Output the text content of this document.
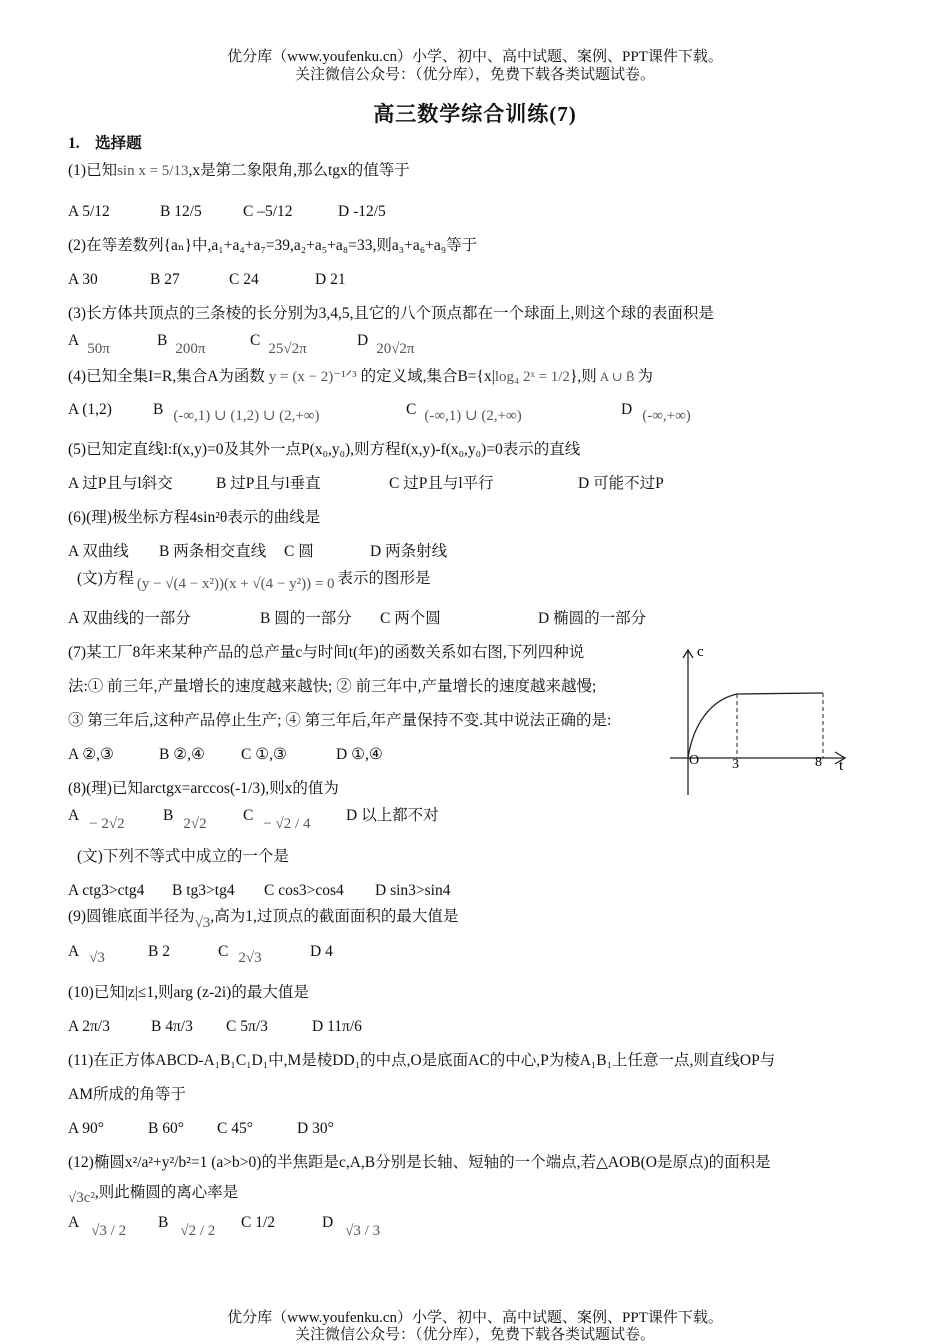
优分库（www.youfenku.cn）小学、初中、高中试题、案例、PPT课件下载。
关注微信公众号：（优分库），免费下载各类试题试卷。
高三数学综合训练(7)
1.　选择题
(1)已知sin x = 5/13,x是第二象限角,那么tgx的值等于
A 5/12	B 12/5	C –5/12	D -12/5
(2)在等差数列{aₙ}中,a₁+a₄+a₇=39,a₂+a₅+a₈=33,则a₃+a₆+a₉等于
A 30	B 27	C 24	D 21
(3)长方体共顶点的三条棱的长分别为3,4,5,且它的八个顶点都在一个球面上,则这个球的表面积是
A 50π	B 200π	C 25√2π	D 20√2π
(4)已知全集I=R,集合A为函数 y = (x − 2)⁻¹ᐟ³ 的定义域,集合B={x|log₄ 2ˣ = 1/2},则 A ∪ B̄ 为
A (1,2)	B (-∞,1) ∪ (1,2) ∪ (2,+∞)	C (-∞,1) ∪ (2,+∞)	D (-∞,+∞)
(5)已知定直线l:f(x,y)=0及其外一点P(x₀,y₀),则方程f(x,y)-f(x₀,y₀)=0表示的直线
A 过P且与l斜交	B 过P且与l垂直	C 过P且与l平行	D 可能不过P
(6)(理)极坐标方程4sin²θ表示的曲线是
A 双曲线 B 两条相交直线 C 圆	D 两条射线
(文)方程 (y − √(4 − x²))(x + √(4 − y²)) = 0 表示的图形是
A 双曲线的一部分	B 圆的一部分 C 两个圆	D 椭圆的一部分
(7)某工厂8年来某种产品的总产量c与时间t(年)的函数关系如右图,下列四种说
法:① 前三年,产量增长的速度越来越快; ② 前三年中,产量增长的速度越来越慢;
③ 第三年后,这种产品停止生产; ④ 第三年后,年产量保持不变.其中说法正确的是:
A ②,③	B ②,④ C ①,③	D ①,④
c
t
O 3	8
(8)(理)已知arctgx=arccos(-1/3),则x的值为
A − 2√2 B 2√2 C − √2 / 4 D 以上都不对
(文)下列不等式中成立的一个是
A ctg3>ctg4 B tg3>tg4 C cos3>cos4 D sin3>sin4
(9)圆锥底面半径为√3,高为1,过顶点的截面面积的最大值是
A √3	B 2	C 2√3	D 4
(10)已知|z|≤1,则arg (z-2i)的最大值是
A 2π/3	B 4π/3 C 5π/3	D 11π/6
(11)在正方体ABCD-A₁B₁C₁D₁中,M是棱DD₁的中点,O是底面AC的中心,P为棱A₁B₁上任意一点,则直线OP与
AM所成的角等于
A 90°	B 60° C 45°	D 30°
(12)椭圆x²/a²+y²/b²=1 (a>b>0)的半焦距是c,A,B分别是长轴、短轴的一个端点,若△AOB(O是原点)的面积是
√3c²,则此椭圆的离心率是
A √3 / 2 B √2 / 2 C 1/2	D √3 / 3
优分库（www.youfenku.cn）小学、初中、高中试题、案例、PPT课件下载。
关注微信公众号：（优分库），免费下载各类试题试卷。
